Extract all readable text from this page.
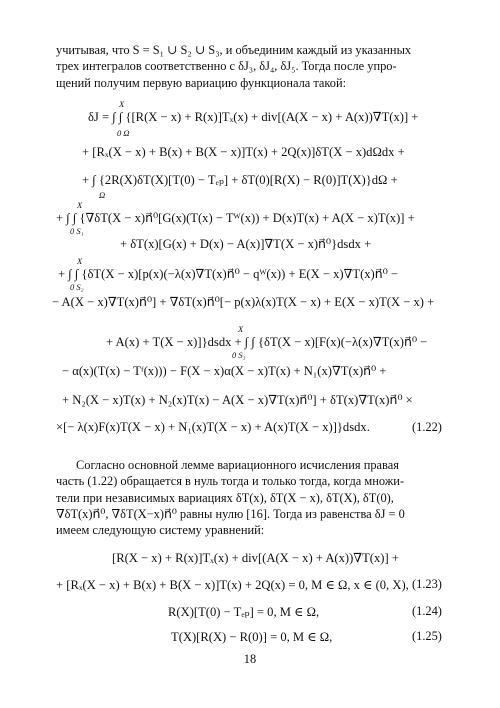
учитывая, что S = S₁ ∪ S₂ ∪ S₃, и объединим каждый из указанных
трех интегралов соответственно с δJ₃, δJ₄, δJ₅. Тогда после упро-
щений получим первую вариацию функционала такой:
X
δJ = ∫ ∫ {[R(X − x) + R(x)]Tₓ(x) + div[(A(X − x) + A(x))∇T(x)] +
0 Ω
+ [Rₓ(X − x) + B(x) + B(X − x)]T(x) + 2Q(x)]δT(X − x)dΩdx +
+ ∫ {2R(X)δT(X)[T(0) − Tₑₚ] + δT(0)[R(X) − R(0)]T(X)}dΩ +
Ω
X
+ ∫ ∫ {∇δT(X − x)n⃗⁰[G(x)(T(x) − Tᵂ(x)) + D(x)T(x) + A(X − x)T(x)] +
0 S₁
+ δT(x)[G(x) + D(x) − A(x)]∇T(X − x)n⃗⁰}dsdx +
X
+ ∫ ∫ {δT(X − x)[p(x)(−λ(x)∇T(x)n⃗⁰ − qᵂ(x)) + E(X − x)∇T(x)n⃗⁰ −
0 S₂
− A(X − x)∇T(x)n⃗⁰] + ∇δT(x)n⃗⁰[− p(x)λ(x)T(X − x) + E(X − x)T(X − x) +
X
+ A(x) + T(X − x)]}dsdx + ∫ ∫ {δT(X − x)[F(x)(−λ(x)∇T(x)n⃗⁰ −
0 S₃
− α(x)(T(x) − Tᶠ(x))) − F(X − x)α(X − x)T(x) + N₁(x)∇T(x)n⃗⁰ +
+ N₂(X − x)T(x) + N₂(x)T(x) − A(X − x)∇T(x)n⃗⁰] + δT(x)∇T(x)n⃗⁰ ×
×[− λ(x)F(x)T(X − x) + N₁(x)T(X − x) + A(x)T(X − x)]}dsdx.	(1.22)
Согласно основной лемме вариационного исчисления правая
часть (1.22) обращается в нуль тогда и только тогда, когда множи-
тели при независимых вариациях δT(x), δT(X − x), δT(X), δT(0),
∇δT(x)n⃗⁰, ∇δT(X−x)n⃗⁰ равны нулю [16]. Тогда из равенства δJ = 0
имеем следующую систему уравнений:
[R(X − x) + R(x)]Tₓ(x) + div[(A(X − x) + A(x))∇T(x)] +
+ [Rₓ(X − x) + B(x) + B(X − x)]T(x) + 2Q(x) = 0, M ∈ Ω, x ∈ (0, X), (1.23)
R(X)[T(0) − Tₑₚ] = 0, M ∈ Ω,	(1.24)
T(X)[R(X) − R(0)] = 0, M ∈ Ω,	(1.25)
18
